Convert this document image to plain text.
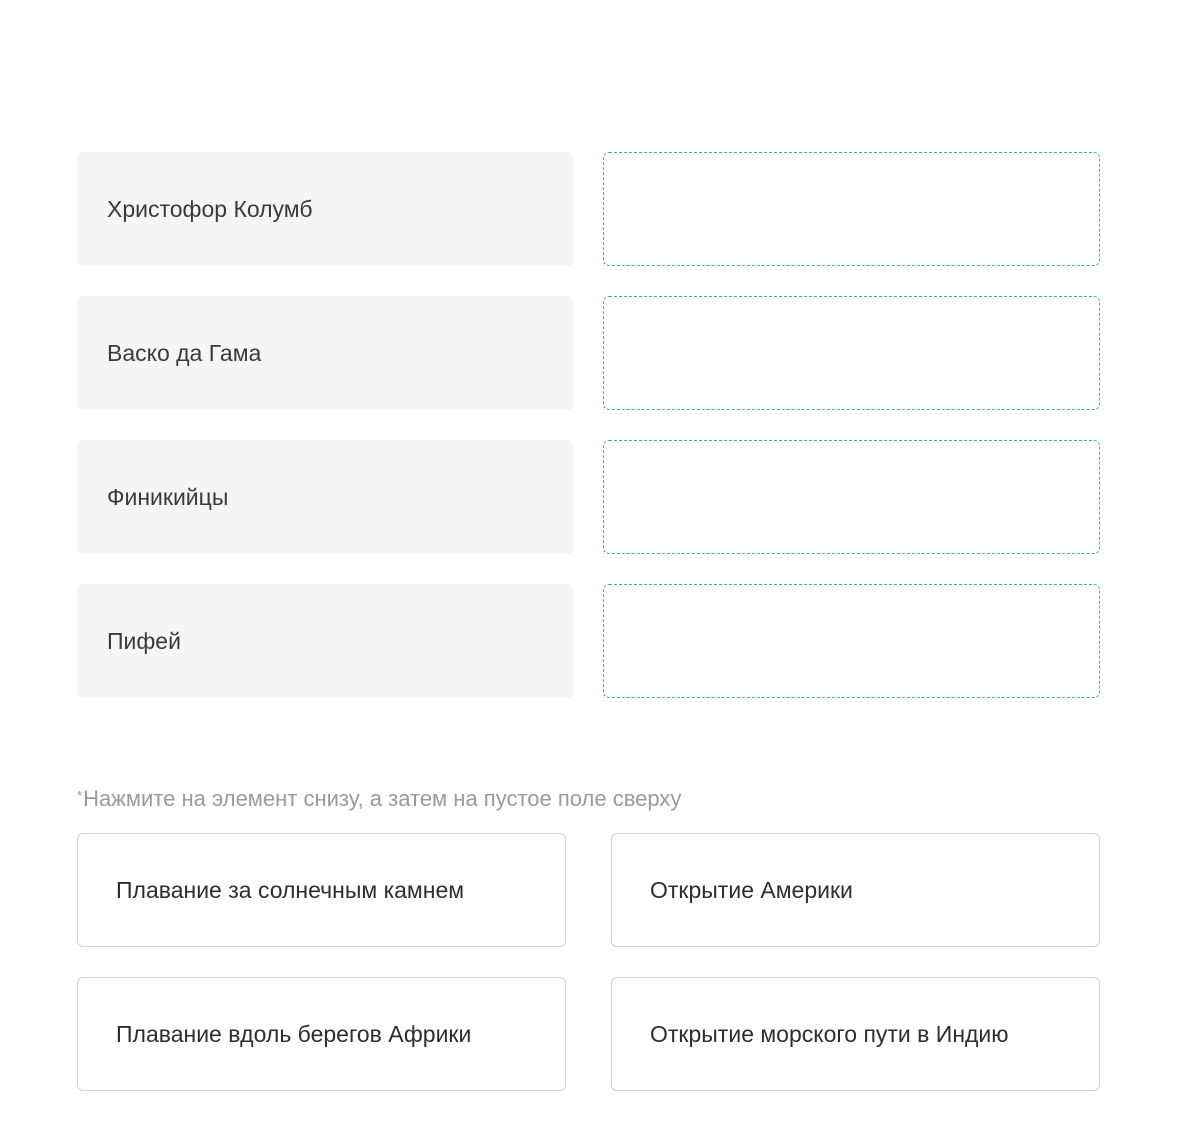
Христофор Колумб
Васко да Гама
Финикийцы
Пифей
* Нажмите на элемент снизу, а затем на пустое поле сверху
Плавание за солнечным камнем	Открытие Америки
Плавание вдоль берегов Африки	Открытие морского пути в Индию
